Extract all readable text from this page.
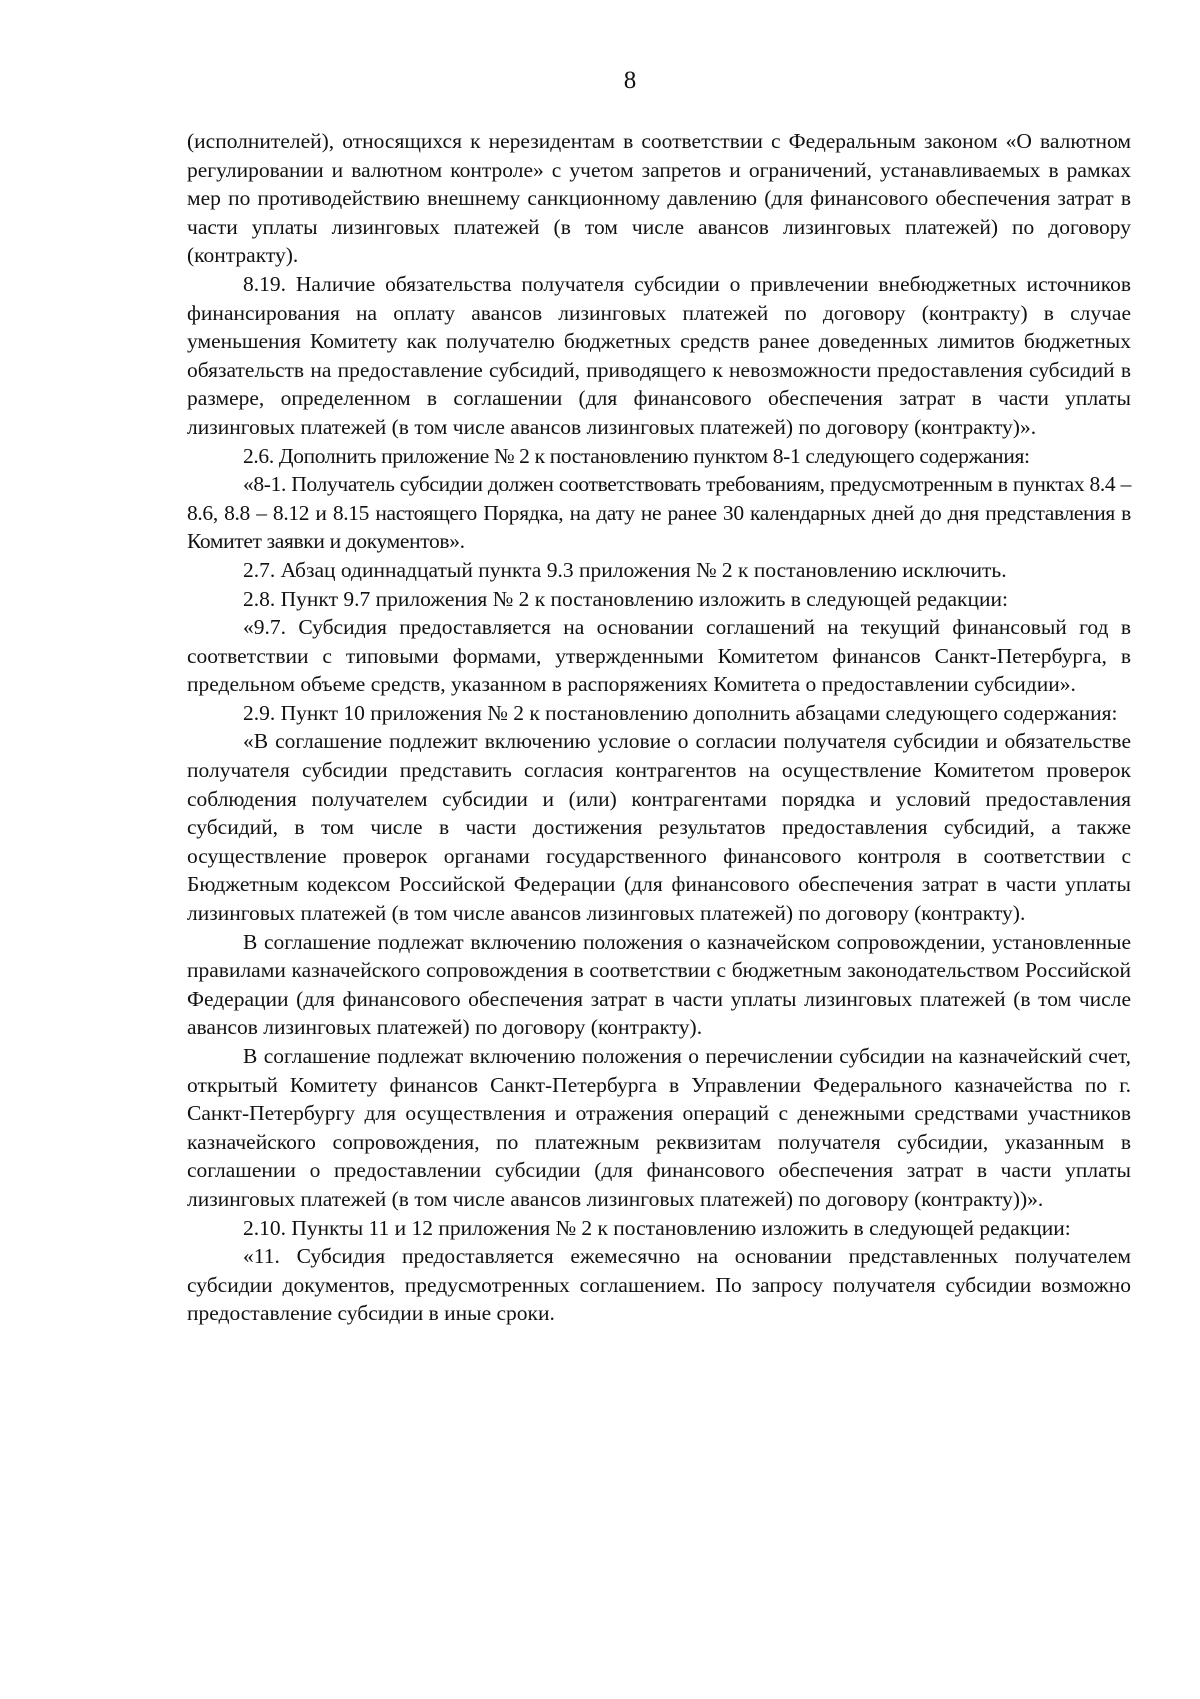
8

(исполнителей), относящихся к нерезидентам в соответствии с Федеральным законом «О валютном регулировании и валютном контроле» с учетом запретов и ограничений, устанавливаемых в рамках мер по противодействию внешнему санкционному давлению (для финансового обеспечения затрат в части уплаты лизинговых платежей (в том числе авансов лизинговых платежей) по договору (контракту).

8.19. Наличие обязательства получателя субсидии о привлечении внебюджетных источников финансирования на оплату авансов лизинговых платежей по договору (контракту) в случае уменьшения Комитету как получателю бюджетных средств ранее доведенных лимитов бюджетных обязательств на предоставление субсидий, приводящего к невозможности предоставления субсидий в размере, определенном в соглашении (для финансового обеспечения затрат в части уплаты лизинговых платежей (в том числе авансов лизинговых платежей) по договору (контракту)».

2.6. Дополнить приложение № 2 к постановлению пунктом 8-1 следующего содержания:

«8-1. Получатель субсидии должен соответствовать требованиям, предусмотренным в пунктах 8.4 – 8.6, 8.8 – 8.12 и 8.15 настоящего Порядка, на дату не ранее 30 календарных дней до дня представления в Комитет заявки и документов».

2.7. Абзац одиннадцатый пункта 9.3 приложения № 2 к постановлению исключить.

2.8. Пункт 9.7 приложения № 2 к постановлению изложить в следующей редакции:

«9.7. Субсидия предоставляется на основании соглашений на текущий финансовый год в соответствии с типовыми формами, утвержденными Комитетом финансов Санкт-Петербурга, в предельном объеме средств, указанном в распоряжениях Комитета о предоставлении субсидии».

2.9. Пункт 10 приложения № 2 к постановлению дополнить абзацами следующего содержания:

«В соглашение подлежит включению условие о согласии получателя субсидии и обязательстве получателя субсидии представить согласия контрагентов на осуществление Комитетом проверок соблюдения получателем субсидии и (или) контрагентами порядка и условий предоставления субсидий, в том числе в части достижения результатов предоставления субсидий, а также осуществление проверок органами государственного финансового контроля в соответствии с Бюджетным кодексом Российской Федерации (для финансового обеспечения затрат в части уплаты лизинговых платежей (в том числе авансов лизинговых платежей) по договору (контракту).

В соглашение подлежат включению положения о казначейском сопровождении, установленные правилами казначейского сопровождения в соответствии с бюджетным законодательством Российской Федерации (для финансового обеспечения затрат в части уплаты лизинговых платежей (в том числе авансов лизинговых платежей) по договору (контракту).

В соглашение подлежат включению положения о перечислении субсидии на казначейский счет, открытый Комитету финансов Санкт-Петербурга в Управлении Федерального казначейства по г. Санкт-Петербургу для осуществления и отражения операций с денежными средствами участников казначейского сопровождения, по платежным реквизитам получателя субсидии, указанным в соглашении о предоставлении субсидии (для финансового обеспечения затрат в части уплаты лизинговых платежей (в том числе авансов лизинговых платежей) по договору (контракту))».

2.10. Пункты 11 и 12 приложения № 2 к постановлению изложить в следующей редакции:

«11. Субсидия предоставляется ежемесячно на основании представленных получателем субсидии документов, предусмотренных соглашением. По запросу получателя субсидии возможно предоставление субсидии в иные сроки.
